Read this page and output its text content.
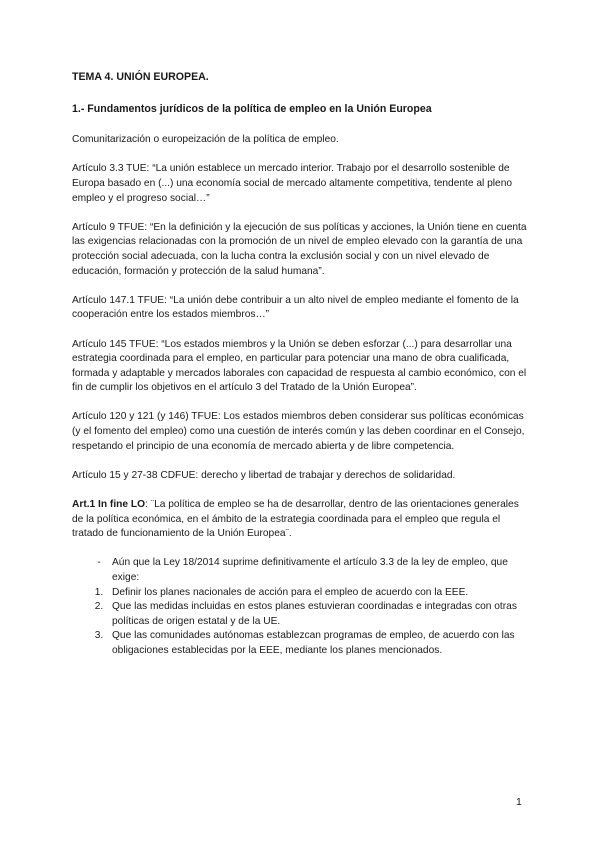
TEMA 4. UNIÓN EUROPEA.
1.- Fundamentos jurídicos de la política de empleo en la Unión Europea

Comunitarización o europeización de la política de empleo.

Artículo 3.3 TUE: “La unión establece un mercado interior. Trabajo por el desarrollo sostenible de Europa basado en (...) una economía social de mercado altamente competitiva, tendente al pleno empleo y el progreso social…”

Artículo 9 TFUE: “En la definición y la ejecución de sus políticas y acciones, la Unión tiene en cuenta las exigencias relacionadas con la promoción de un nivel de empleo elevado con la garantía de una protección social adecuada, con la lucha contra la exclusión social y con un nivel elevado de educación, formación y protección de la salud humana”.

Artículo 147.1 TFUE: “La unión debe contribuir a un alto nivel de empleo mediante el fomento de la cooperación entre los estados miembros…”

Artículo 145 TFUE: “Los estados miembros y la Unión se deben esforzar (...) para desarrollar una estrategia coordinada para el empleo, en particular para potenciar una mano de obra cualificada, formada y adaptable y mercados laborales con capacidad de respuesta al cambio económico, con el fin de cumplir los objetivos en el artículo 3 del Tratado de la Unión Europea”.

Artículo 120 y 121 (y 146) TFUE: Los estados miembros deben considerar sus políticas económicas (y el fomento del empleo) como una cuestión de interés común y las deben coordinar en el Consejo, respetando el principio de una economía de mercado abierta y de libre competencia.

Artículo 15 y 27-38 CDFUE: derecho y libertad de trabajar y derechos de solidaridad.

Art.1 In fine LO: ¨La política de empleo se ha de desarrollar, dentro de las orientaciones generales de la política económica, en el ámbito de la estrategia coordinada para el empleo que regula el tratado de funcionamiento de la Unión Europea¨.

-	Aún que la Ley 18/2014 suprime definitivamente el artículo 3.3 de la ley de empleo, que exige:
1. Definir los planes nacionales de acción para el empleo de acuerdo con la EEE.
2. Que las medidas incluidas en estos planes estuvieran coordinadas e integradas con otras políticas de origen estatal y de la UE.
3. Que las comunidades autónomas establezcan programas de empleo, de acuerdo con las obligaciones establecidas por la EEE, mediante los planes mencionados.
1
